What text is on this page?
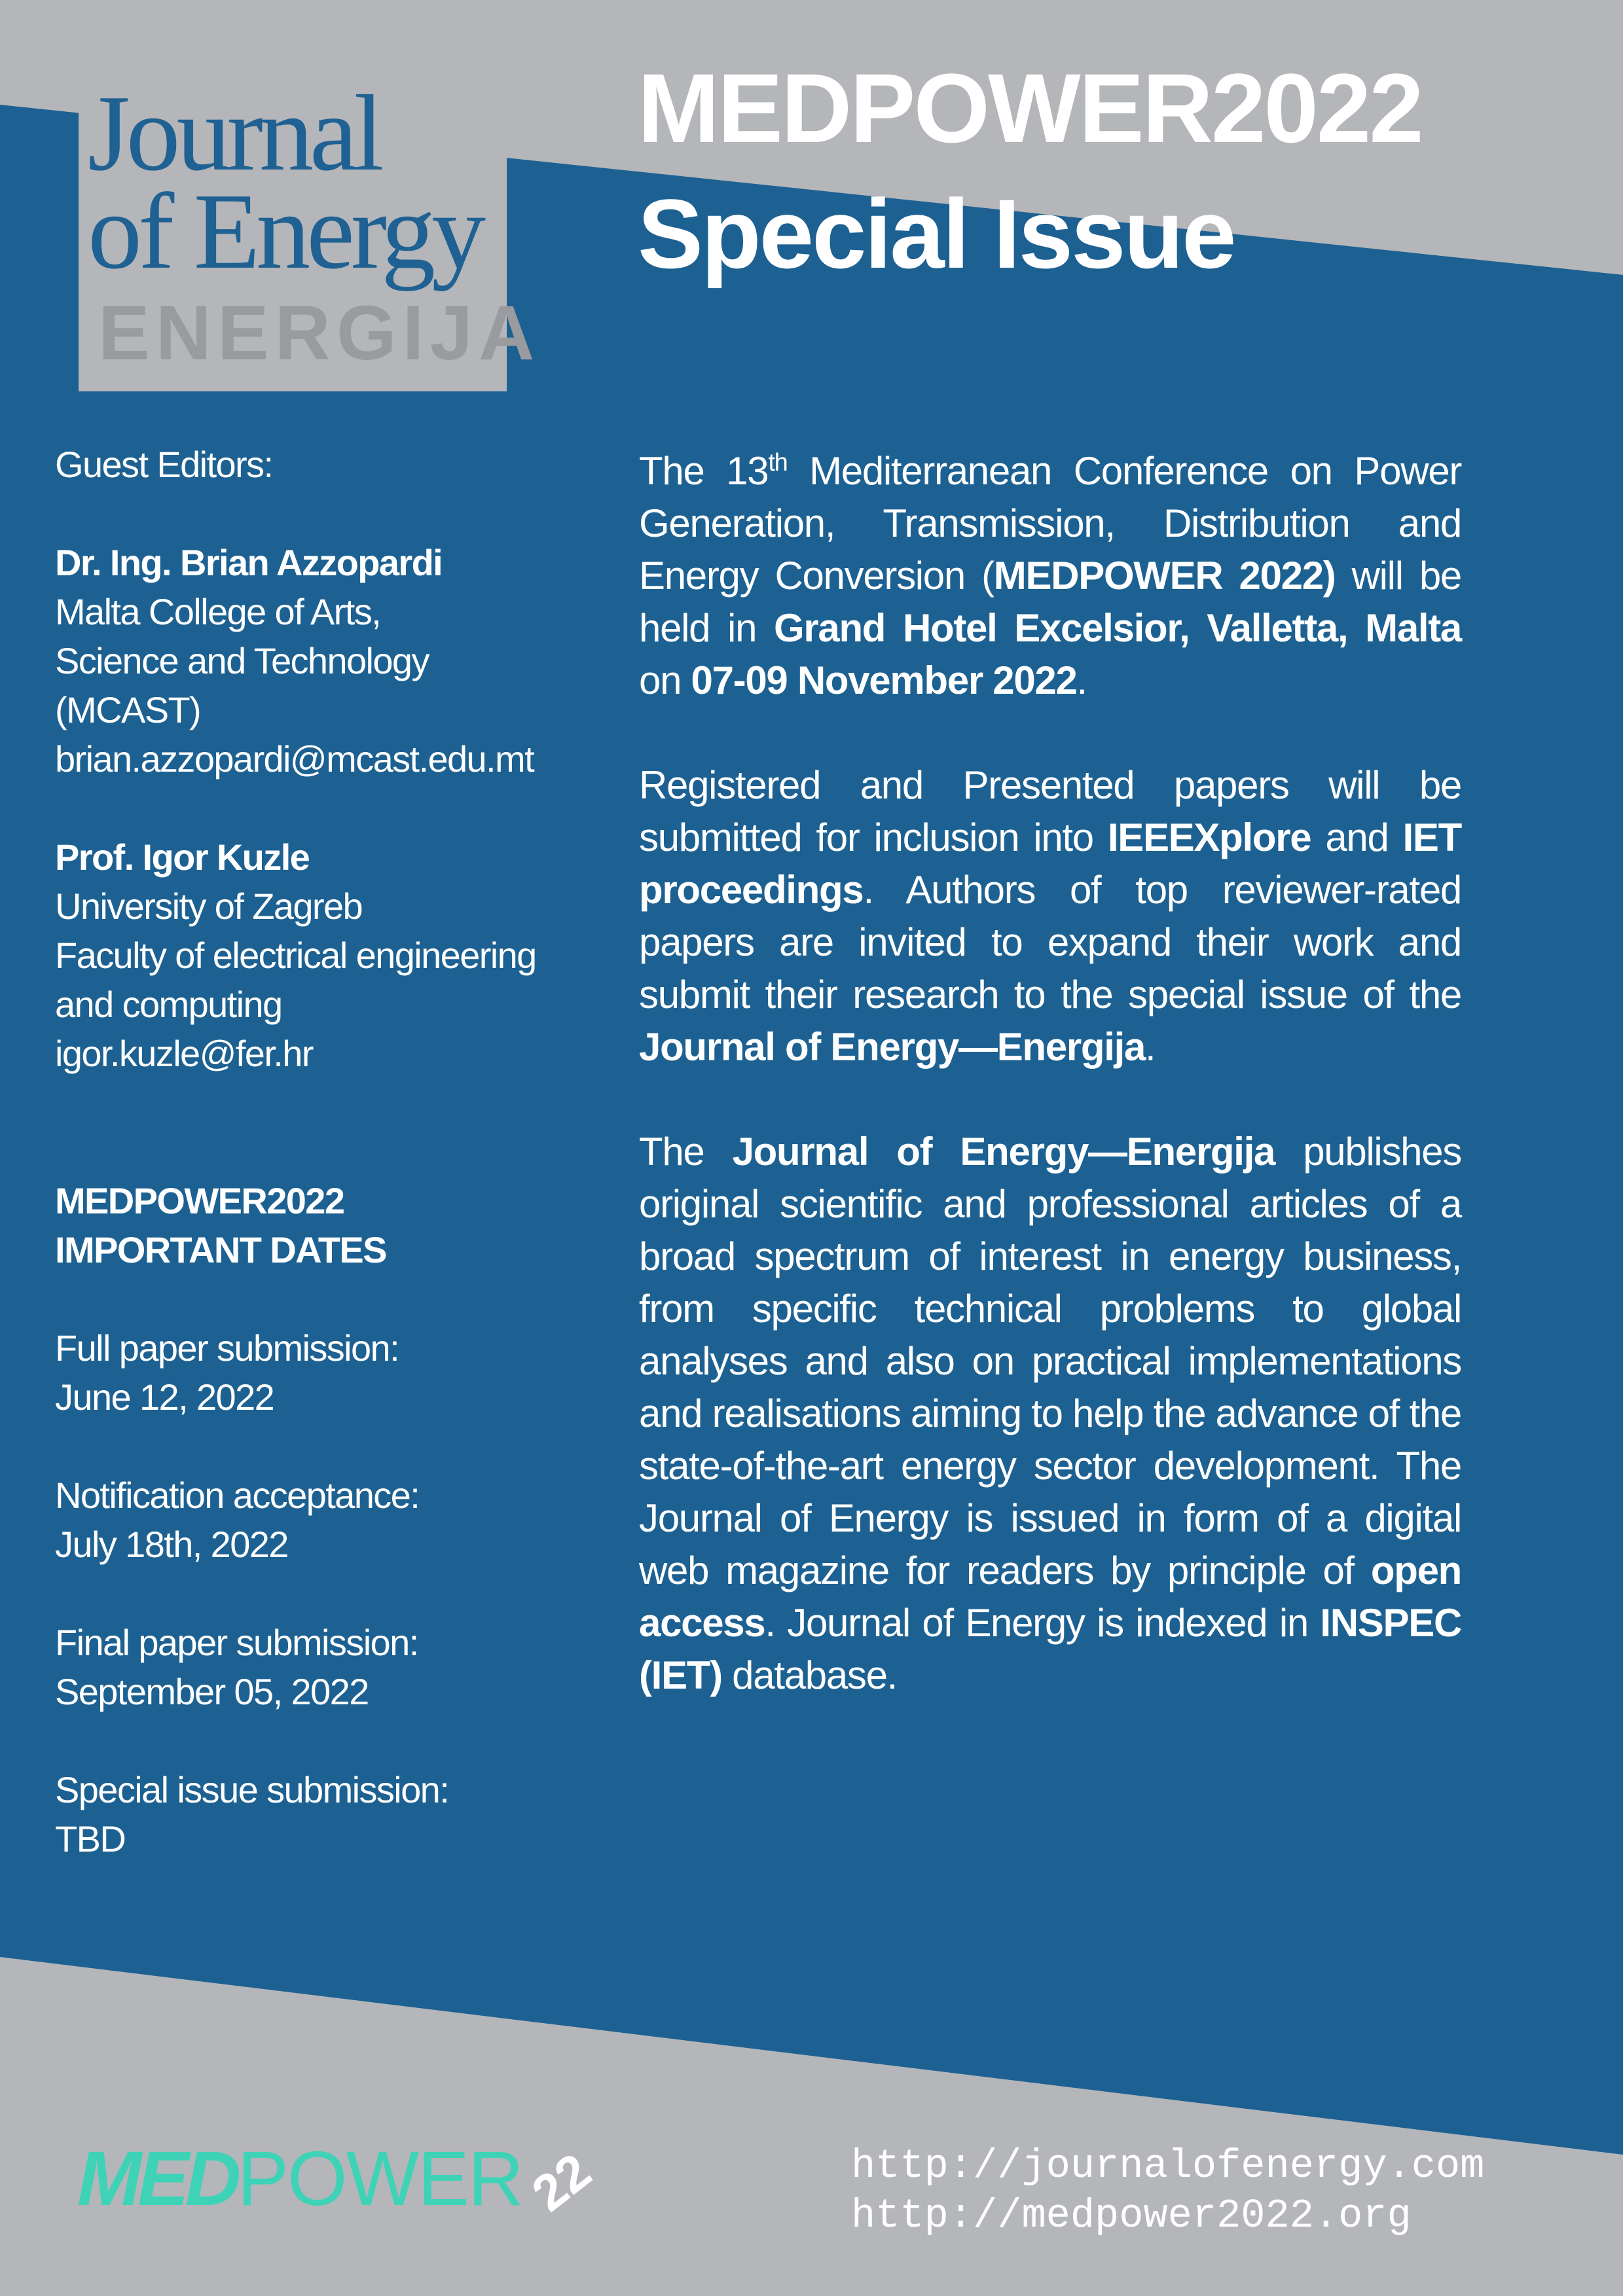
Journal
of Energy
ENERGIJA
MEDPOWER2022
Special Issue

Guest Editors:

Dr. Ing. Brian Azzopardi

Malta College of Arts,

Science and Technology

(MCAST)

brian.azzopardi@mcast.edu.mt

Prof. Igor Kuzle

University of Zagreb

Faculty of electrical engineering

and computing

igor.kuzle@fer.hr

MEDPOWER2022

IMPORTANT DATES

Full paper submission:

June 12, 2022

Notification acceptance:

July 18th, 2022

Final paper submission:

September 05, 2022

Special issue submission:

TBD

The 13th Mediterranean Conference on Power Generation, Transmission, Distribution and Energy Conversion (MEDPOWER 2022) will be held in Grand Hotel Excelsior, Valletta, Malta on 07-09 November 2022.

Registered and Presented papers will be submitted for inclusion into IEEEXplore and IET proceedings. Authors of top reviewer-rated papers are invited to expand their work and submit their research to the special issue of the Journal of Energy—Energija.

The Journal of Energy—Energija publishes original scientific and professional articles of a broad spectrum of interest in energy business, from specific technical problems to global analyses and also on practical implementations and realisations aiming to help the advance of the state-of-the-art energy sector development. The Journal of Energy is issued in form of a digital web magazine for readers by principle of open access. Journal of Energy is indexed in INSPEC (IET) database.

MEDPOWER22	http://journalofenergy.com
http://medpower2022.org
